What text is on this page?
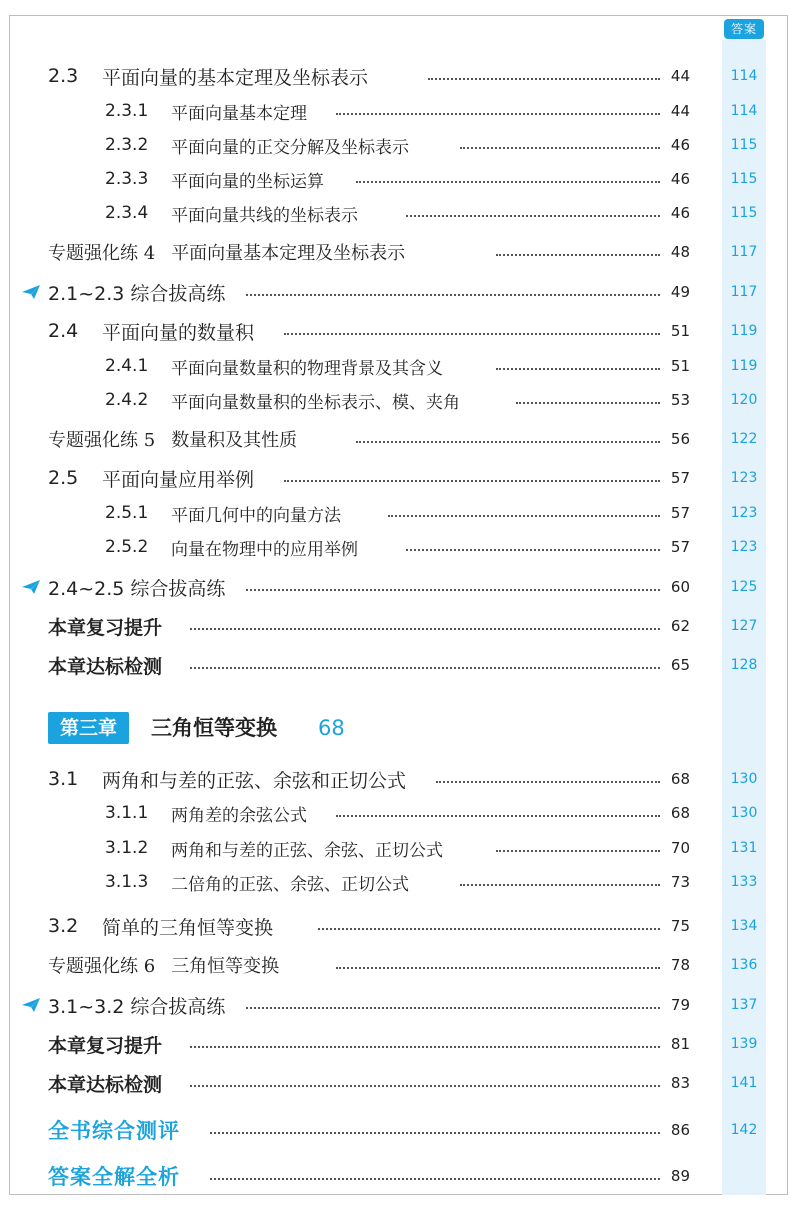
答案
2.3	平面向量的基本定理及坐标表示	44	114
2.3.1	平面向量基本定理	44	114
2.3.2	平面向量的正交分解及坐标表示	46	115
2.3.3	平面向量的坐标运算	46	115
2.3.4	平面向量共线的坐标表示	46	115
专题强化练 4 平面向量基本定理及坐标表示	48	117
2.1~2.3 综合拔高练	49	117
2.4	平面向量的数量积	51	119
2.4.1	平面向量数量积的物理背景及其含义	51	119
2.4.2	平面向量数量积的坐标表示、模、夹角	53	120
专题强化练 5 数量积及其性质	56	122
2.5	平面向量应用举例	57	123
2.5.1	平面几何中的向量方法	57	123
2.5.2	向量在物理中的应用举例	57	123
2.4~2.5 综合拔高练	60	125
本章复习提升	62	127
本章达标检测	65	128
第三章	三角恒等变换 68
3.1	两角和与差的正弦、余弦和正切公式	68	130
3.1.1	两角差的余弦公式	68	130
3.1.2	两角和与差的正弦、余弦、正切公式	70	131
3.1.3	二倍角的正弦、余弦、正切公式	73	133
3.2	简单的三角恒等变换	75	134
专题强化练 6 三角恒等变换	78	136
3.1~3.2 综合拔高练	79	137
本章复习提升	81	139
本章达标检测	83	141
全书综合测评	86	142
答案全解全析	89
